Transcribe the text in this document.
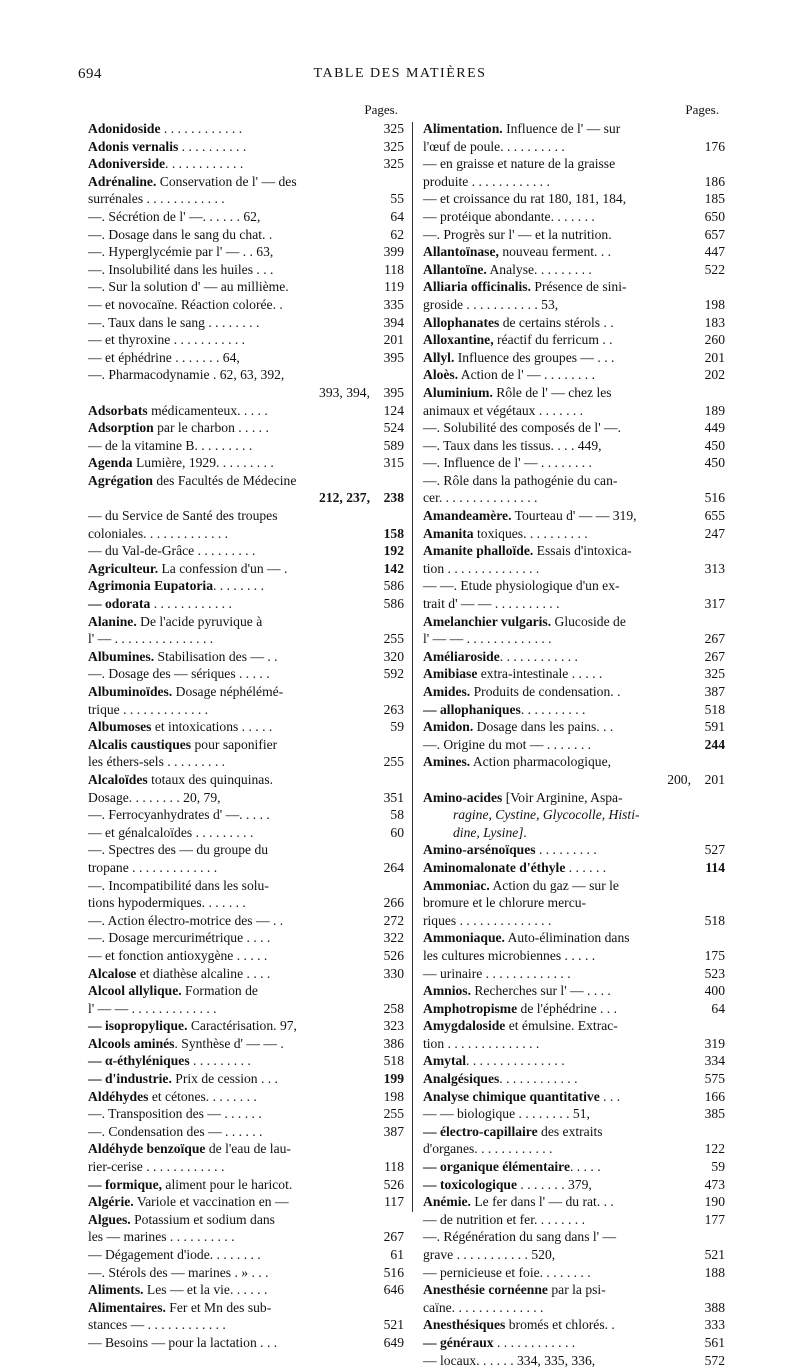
694	TABLE DES MATIÈRES
Pages.
Adonidoside . . . . . . . . . . . .	325
Adonis vernalis . . . . . . . . . .	325
Adoniverside. . . . . . . . . . . .	325
Adrénaline. Conservation de l' — des
surrénales . . . . . . . . . . . .	55
—. Sécrétion de l' —. . . . . . 62,	64
—. Dosage dans le sang du chat. .	62
—. Hyperglycémie par l' — . . 63,	399
—. Insolubilité dans les huiles . . .	118
—. Sur la solution d' — au millième.	119
— et novocaïne. Réaction colorée. .	335
—. Taux dans le sang . . . . . . . .	394
— et thyroxine . . . . . . . . . . .	201
— et éphédrine . . . . . . . 64,	395
—. Pharmacodynamie . 62, 63, 392,
393, 394,	395
Adsorbats médicamenteux. . . . .	124
Adsorption par le charbon . . . . .	524
— de la vitamine B. . . . . . . . .	589
Agenda Lumière, 1929. . . . . . . . .	315
Agrégation des Facultés de Médecine
212, 237,	238
— du Service de Santé des troupes
coloniales. . . . . . . . . . . . .	158
— du Val-de-Grâce . . . . . . . . .	192
Agriculteur. La confession d'un — .	142
Agrimonia Eupatoria. . . . . . . .	586
— odorata . . . . . . . . . . . .	586
Alanine. De l'acide pyruvique à
l' — . . . . . . . . . . . . . . .	255
Albumines. Stabilisation des — . .	320
—. Dosage des — sériques . . . . .	592
Albuminoïdes. Dosage néphélémé-
trique . . . . . . . . . . . . .	263
Albumoses et intoxications . . . . .	59
Alcalis caustiques pour saponifier
les éthers-sels . . . . . . . . .	255
Alcaloïdes totaux des quinquinas.
Dosage. . . . . . . . 20, 79,	351
—. Ferrocyanhydrates d' —. . . . .	58
— et génalcaloïdes . . . . . . . . .	60
—. Spectres des — du groupe du
tropane . . . . . . . . . . . . .	264
—. Incompatibilité dans les solu-
tions hypodermiques. . . . . . .	266
—. Action électro-motrice des — . .	272
—. Dosage mercurimétrique . . . .	322
— et fonction antioxygène . . . . .	526
Alcalose et diathèse alcaline . . . .	330
Alcool allylique. Formation de
l' — — . . . . . . . . . . . . .	258
— isopropylique. Caractérisation. 97,	323
Alcools aminés. Synthèse d' — — .	386
— α-éthyléniques . . . . . . . . .	518
— d'industrie. Prix de cession . . .	199
Aldéhydes et cétones. . . . . . . .	198
—. Transposition des — . . . . . .	255
—. Condensation des — . . . . . .	387
Aldéhyde benzoïque de l'eau de lau-
rier-cerise . . . . . . . . . . . .	118
— formique, aliment pour le haricot.	526
Algérie. Variole et vaccination en —	117
Algues. Potassium et sodium dans
les — marines . . . . . . . . . .	267
— Dégagement d'iode. . . . . . . .	61
—. Stérols des — marines . » . . .	516
Aliments. Les — et la vie. . . . . .	646
Alimentaires. Fer et Mn des sub-
stances — . . . . . . . . . . . .	521
— Besoins — pour la lactation . . .	649
Pages.
Alimentation. Influence de l' — sur
l'œuf de poule. . . . . . . . . .	176
— en graisse et nature de la graisse
produite . . . . . . . . . . . .	186
— et croissance du rat 180, 181, 184,	185
— protéique abondante. . . . . . .	650
—. Progrès sur l' — et la nutrition.	657
Allantoïnase, nouveau ferment. . .	447
Allantoïne. Analyse. . . . . . . . .	522
Alliaria officinalis. Présence de sini-
groside . . . . . . . . . . . 53,	198
Allophanates de certains stérols . .	183
Alloxantine, réactif du ferricum . .	260
Allyl. Influence des groupes — . . .	201
Aloès. Action de l' — . . . . . . . .	202
Aluminium. Rôle de l' — chez les
animaux et végétaux . . . . . . .	189
—. Solubilité des composés de l' —.	449
—. Taux dans les tissus. . . . 449,	450
—. Influence de l' — . . . . . . . .	450
—. Rôle dans la pathogénie du can-
cer. . . . . . . . . . . . . . .	516
Amandeamère. Tourteau d' — — 319,	655
Amanita toxiques. . . . . . . . . .	247
Amanite phalloïde. Essais d'intoxica-
tion . . . . . . . . . . . . . .	313
— —. Etude physiologique d'un ex-
trait d' — — . . . . . . . . . .	317
Amelanchier vulgaris. Glucoside de
l' — — . . . . . . . . . . . . .	267
Améliaroside. . . . . . . . . . . .	267
Amibiase extra-intestinale . . . . .	325
Amides. Produits de condensation. .	387
— allophaniques. . . . . . . . . .	518
Amidon. Dosage dans les pains. . .	591
—. Origine du mot — . . . . . . .	244
Amines. Action pharmacologique,
200,	201
Amino-acides [Voir Arginine, Aspa-
ragine, Cystine, Glycocolle, Histi-
dine, Lysine].
Amino-arsénoïques . . . . . . . . .	527
Aminomalonate d'éthyle . . . . . .	114
Ammoniac. Action du gaz — sur le
bromure et le chlorure mercu-
riques . . . . . . . . . . . . . .	518
Ammoniaque. Auto-élimination dans
les cultures microbiennes . . . . .	175
— urinaire . . . . . . . . . . . . .	523
Amnios. Recherches sur l' — . . . .	400
Amphotropisme de l'éphédrine . . .	64
Amygdaloside et émulsine. Extrac-
tion . . . . . . . . . . . . . .	319
Amytal. . . . . . . . . . . . . . .	334
Analgésiques. . . . . . . . . . . .	575
Analyse chimique quantitative . . .	166
— — biologique . . . . . . . . 51,	385
— électro-capillaire des extraits
d'organes. . . . . . . . . . . .	122
— organique élémentaire. . . . .	59
— toxicologique . . . . . . . 379,	473
Anémie. Le fer dans l' — du rat. . .	190
— de nutrition et fer. . . . . . . .	177
—. Régénération du sang dans l' —
grave . . . . . . . . . . . 520,	521
— pernicieuse et foie. . . . . . . .	188
Anesthésie cornéenne par la psi-
caïne. . . . . . . . . . . . . .	388
Anesthésiques bromés et chlorés. .	333
— généraux . . . . . . . . . . . .	561
— locaux. . . . . . 334, 335, 336,	572
